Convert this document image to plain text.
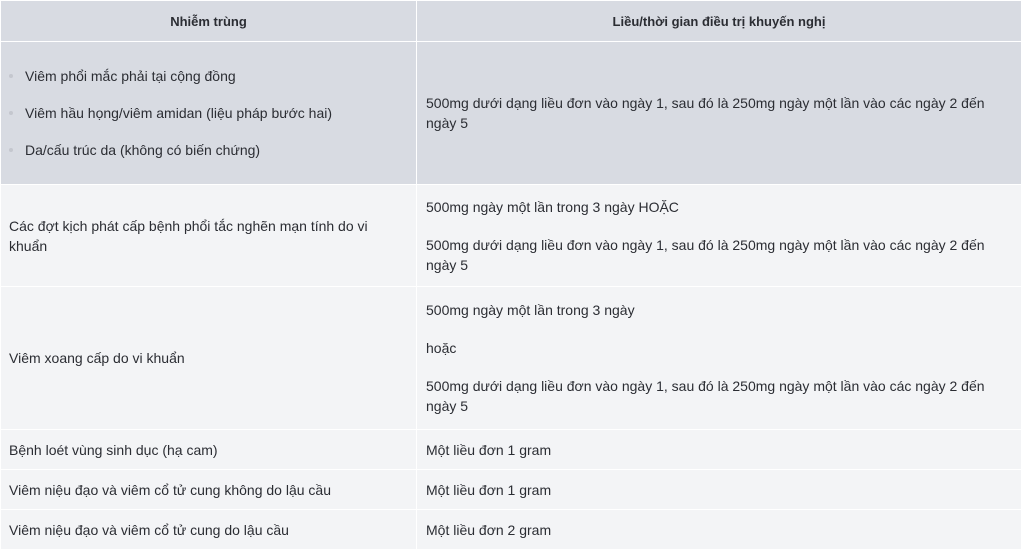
Nhiễm trùng	Liều/thời gian điều trị khuyến nghị

Viêm phổi mắc phải tại cộng đồng
Viêm hầu họng/viêm amidan (liệu pháp bước hai)
Da/cấu trúc da (không có biến chứng)	500mg dưới dạng liều đơn vào ngày 1, sau đó là 250mg ngày một lần vào các ngày 2 đến ngày 5

Các đợt kịch phát cấp bệnh phổi tắc nghẽn mạn tính do vi khuẩn	500mg ngày một lần trong 3 ngày HOẶC

500mg dưới dạng liều đơn vào ngày 1, sau đó là 250mg ngày một lần vào các ngày 2 đến ngày 5

Viêm xoang cấp do vi khuẩn	500mg ngày một lần trong 3 ngày

hoặc

500mg dưới dạng liều đơn vào ngày 1, sau đó là 250mg ngày một lần vào các ngày 2 đến ngày 5

Bệnh loét vùng sinh dục (hạ cam)	Một liều đơn 1 gram
Viêm niệu đạo và viêm cổ tử cung không do lậu cầu	Một liều đơn 1 gram
Viêm niệu đạo và viêm cổ tử cung do lậu cầu	Một liều đơn 2 gram
